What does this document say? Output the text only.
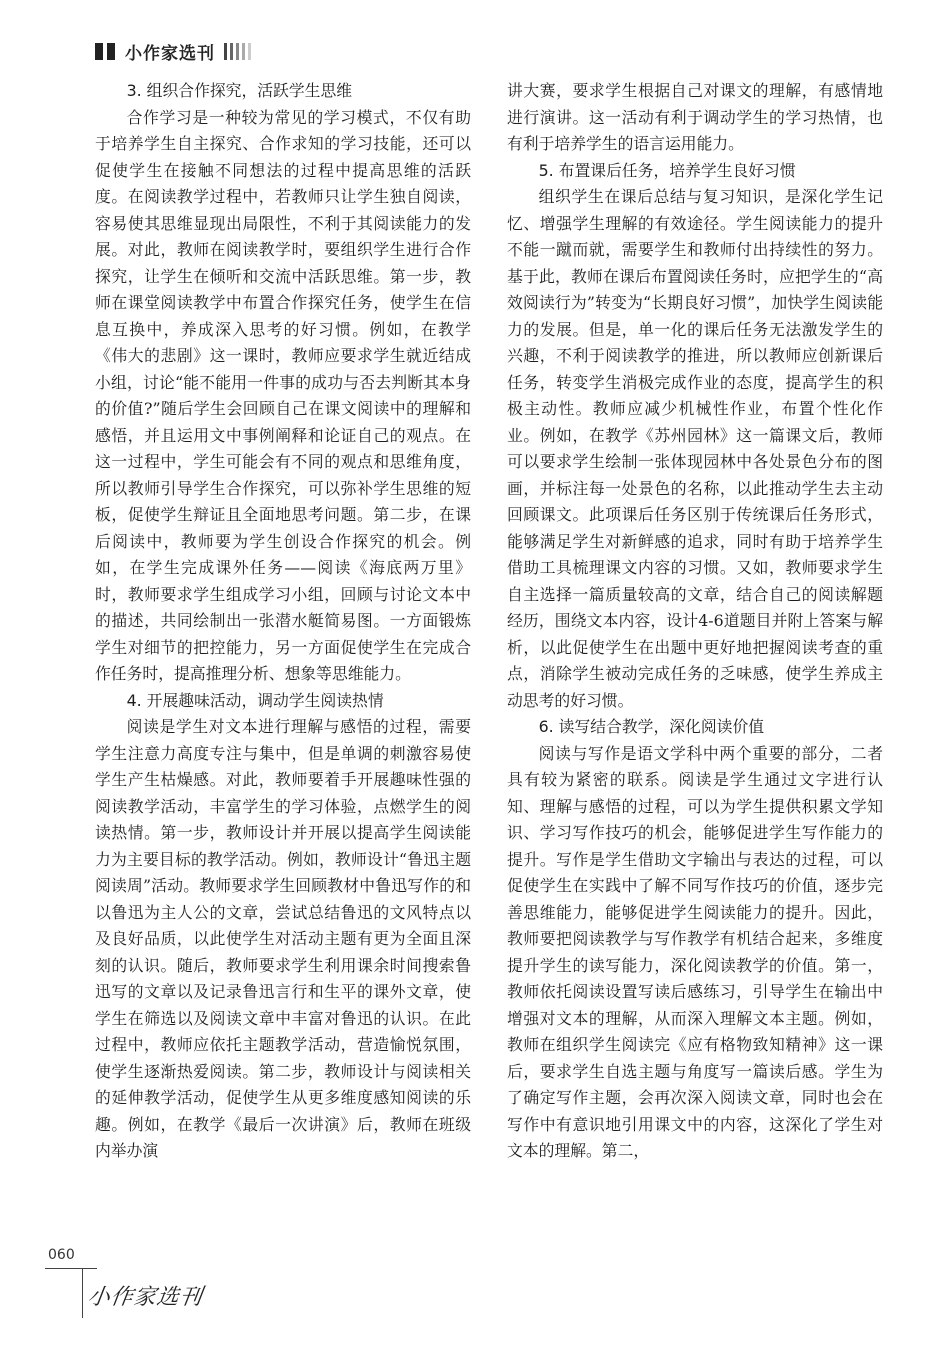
小作家选刊
3. 组织合作探究，活跃学生思维

合作学习是一种较为常见的学习模式，不仅有助于培养学生自主探究、合作求知的学习技能，还可以促使学生在接触不同想法的过程中提高思维的活跃度。在阅读教学过程中，若教师只让学生独自阅读，容易使其思维显现出局限性，不利于其阅读能力的发展。对此，教师在阅读教学时，要组织学生进行合作探究，让学生在倾听和交流中活跃思维。第一步，教师在课堂阅读教学中布置合作探究任务，使学生在信息互换中，养成深入思考的好习惯。例如，在教学《伟大的悲剧》这一课时，教师应要求学生就近结成小组，讨论“能不能用一件事的成功与否去判断其本身的价值?”随后学生会回顾自己在课文阅读中的理解和感悟，并且运用文中事例阐释和论证自己的观点。在这一过程中，学生可能会有不同的观点和思维角度，所以教师引导学生合作探究，可以弥补学生思维的短板，促使学生辩证且全面地思考问题。第二步，在课后阅读中，教师要为学生创设合作探究的机会。例如，在学生完成课外任务——阅读《海底两万里》时，教师要求学生组成学习小组，回顾与讨论文本中的描述，共同绘制出一张潜水艇简易图。一方面锻炼学生对细节的把控能力，另一方面促使学生在完成合作任务时，提高推理分析、想象等思维能力。

4. 开展趣味活动，调动学生阅读热情

阅读是学生对文本进行理解与感悟的过程，需要学生注意力高度专注与集中，但是单调的刺激容易使学生产生枯燥感。对此，教师要着手开展趣味性强的阅读教学活动，丰富学生的学习体验，点燃学生的阅读热情。第一步，教师设计并开展以提高学生阅读能力为主要目标的教学活动。例如，教师设计“鲁迅主题阅读周”活动。教师要求学生回顾教材中鲁迅写作的和以鲁迅为主人公的文章，尝试总结鲁迅的文风特点以及良好品质，以此使学生对活动主题有更为全面且深刻的认识。随后，教师要求学生利用课余时间搜索鲁迅写的文章以及记录鲁迅言行和生平的课外文章，使学生在筛选以及阅读文章中丰富对鲁迅的认识。在此过程中，教师应依托主题教学活动，营造愉悦氛围，使学生逐渐热爱阅读。第二步，教师设计与阅读相关的延伸教学活动，促使学生从更多维度感知阅读的乐趣。例如，在教学《最后一次讲演》后，教师在班级内举办演

讲大赛，要求学生根据自己对课文的理解，有感情地进行演讲。这一活动有利于调动学生的学习热情，也有利于培养学生的语言运用能力。

5. 布置课后任务，培养学生良好习惯

组织学生在课后总结与复习知识，是深化学生记忆、增强学生理解的有效途径。学生阅读能力的提升不能一蹴而就，需要学生和教师付出持续性的努力。基于此，教师在课后布置阅读任务时，应把学生的“高效阅读行为”转变为“长期良好习惯”，加快学生阅读能力的发展。但是，单一化的课后任务无法激发学生的兴趣，不利于阅读教学的推进，所以教师应创新课后任务，转变学生消极完成作业的态度，提高学生的积极主动性。教师应减少机械性作业，布置个性化作业。例如，在教学《苏州园林》这一篇课文后，教师可以要求学生绘制一张体现园林中各处景色分布的图画，并标注每一处景色的名称，以此推动学生去主动回顾课文。此项课后任务区别于传统课后任务形式，能够满足学生对新鲜感的追求，同时有助于培养学生借助工具梳理课文内容的习惯。又如，教师要求学生自主选择一篇质量较高的文章，结合自己的阅读解题经历，围绕文本内容，设计4-6道题目并附上答案与解析，以此促使学生在出题中更好地把握阅读考查的重点，消除学生被动完成任务的乏味感，使学生养成主动思考的好习惯。

6. 读写结合教学，深化阅读价值

阅读与写作是语文学科中两个重要的部分，二者具有较为紧密的联系。阅读是学生通过文字进行认知、理解与感悟的过程，可以为学生提供积累文学知识、学习写作技巧的机会，能够促进学生写作能力的提升。写作是学生借助文字输出与表达的过程，可以促使学生在实践中了解不同写作技巧的价值，逐步完善思维能力，能够促进学生阅读能力的提升。因此，教师要把阅读教学与写作教学有机结合起来，多维度提升学生的读写能力，深化阅读教学的价值。第一，教师依托阅读设置写读后感练习，引导学生在输出中增强对文本的理解，从而深入理解文本主题。例如，教师在组织学生阅读完《应有格物致知精神》这一课后，要求学生自选主题与角度写一篇读后感。学生为了确定写作主题，会再次深入阅读文章，同时也会在写作中有意识地引用课文中的内容，这深化了学生对文本的理解。第二，

060
小作家选刊
